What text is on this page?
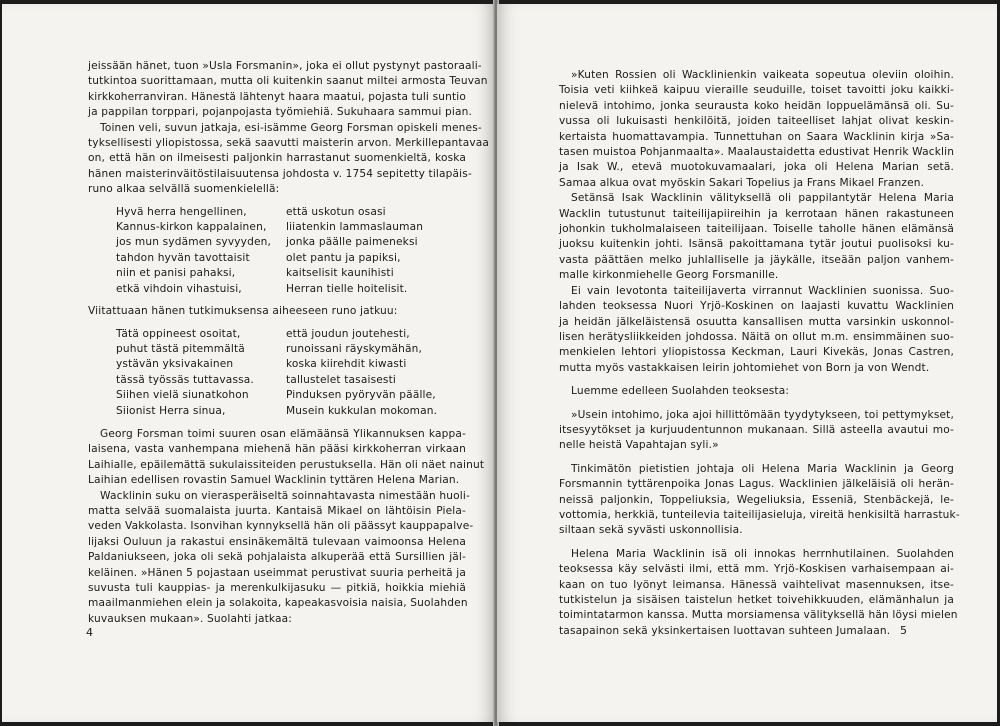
jeissään hänet, tuon »Usla Forsmanin», joka ei ollut pystynyt pastoraali-
tutkintoa suorittamaan, mutta oli kuitenkin saanut miltei armosta Teuvan
kirkkoherranviran. Hänestä lähtenyt haara maatui, pojasta tuli suntio
ja pappilan torppari, pojanpojasta työmiehiä. Sukuhaara sammui pian.

Toinen veli, suvun jatkaja, esi-isämme Georg Forsman opiskeli menes-
tyksellisesti yliopistossa, sekä saavutti maisterin arvon. Merkillepantavaa
on, että hän on ilmeisesti paljonkin harrastanut suomenkieltä, koska
hänen maisterinväitöstilaisuutensa johdosta v. 1754 sepitetty tilapäis-
runo alkaa selvällä suomenkielellä:

Hyvä herra hengellinen,
Kannus-kirkon kappalainen,
jos mun sydämen syvyyden,
tahdon hyvän tavottaisit
niin et panisi pahaksi,
etkä vihdoin vihastuisi,
että uskotun osasi
liiatenkin lammaslauman
jonka päälle paimeneksi
olet pantu ja papiksi,
kaitselisit kaunihisti
Herran tielle hoitelisit.

Viitattuaan hänen tutkimuksensa aiheeseen runo jatkuu:

Tätä oppineest osoitat,
puhut tästä pitemmältä
ystävän yksivakainen
tässä työssäs tuttavassa.
Siihen vielä siunatkohon
Siionist Herra sinua,
että joudun joutehesti,
runoissani räyskymähän,
koska kiirehdit kiwasti
tallustelet tasaisesti
Pinduksen pyöryvän päälle,
Musein kukkulan mokoman.

Georg Forsman toimi suuren osan elämäänsä Ylikannuksen kappa-
laisena, vasta vanhempana miehenä hän pääsi kirkkoherran virkaan
Laihialle, epäilemättä sukulaissiteiden perustuksella. Hän oli näet nainut
Laihian edellisen rovastin Samuel Wacklinin tyttären Helena Marian.

Wacklinin suku on vierasperäiseltä soinnahtavasta nimestään huoli-
matta selvää suomalaista juurta. Kantaisä Mikael on lähtöisin Pielа-
veden Vakkolasta. Isonvihan kynnyksellä hän oli päässyt kauppapalve-
lijaksi Ouluun ja rakastui ensinäkemältä tulevaan vaimoonsa Helena
Paldaniukseen, joka oli sekä pohjalaista alkuperää että Sursillien jäl-
keläinen. »Hänen 5 pojastaan useimmat perustivat suuria perheitä ja
suvusta tuli kauppias- ja merenkulkijasuku — pitkiä, hoikkia miehiä
maailmanmiehen elein ja solakoita, kapeakasvoisia naisia, Suolahden
kuvauksen mukaan». Suolahti jatkaa:

4

»Kuten Rossien oli Wacklinienkin vaikeata sopeutua oleviin oloihin.
Toisia veti kiihkeä kaipuu vieraille seuduille, toiset tavoitti joku kaikki-
nielevä intohimo, jonka seurausta koko heidän loppuelämänsä oli. Su-
vussa oli lukuisasti henkilöitä, joiden taiteelliset lahjat olivat keskin-
kertaista huomattavampia. Tunnettuhan on Saara Wacklinin kirja »Sa-
tasen muistoa Pohjanmaalta». Maalaustaidetta edustivat Henrik Wacklin
ja Isak W., etevä muotokuvamaalari, joka oli Helena Marian setä.
Samaa alkua ovat myöskin Sakari Topelius ja Frans Mikael Franzen.

Setänsä Isak Wacklinin välityksellä oli pappilantytär Helena Maria
Wacklin tutustunut taiteilijapiireihin ja kerrotaan hänen rakastuneen
johonkin tukholmalaiseen taiteilijaan. Toiselle taholle hänen elämänsä
juoksu kuitenkin johti. Isänsä pakoittamana tytär joutui puolisoksi ku-
vasta päättäen melko juhlalliselle ja jäykälle, itseään paljon vanhem-
malle kirkonmiehelle Georg Forsmanille.

Ei vain levotonta taiteilijaverta virrannut Wacklinien suonissa. Suo-
lahden teoksessa Nuori Yrjö-Koskinen on laajasti kuvattu Wacklinien
ja heidän jälkeläistensä osuutta kansallisen mutta varsinkin uskonnol-
lisen herätysliikkeiden johdossa. Näitä on ollut m.m. ensimmäinen suo-
menkielen lehtori yliopistossa Keckman, Lauri Kivekäs, Jonas Castren,
mutta myös vastakkaisen leirin johtomiehet von Born ja von Wendt.

Luemme edelleen Suolahden teoksesta:

»Usein intohimo, joka ajoi hillittömään tyydytykseen, toi pettymykset,
itsesyytökset ja kurjuudentunnon mukanaan. Sillä asteella avautui mo-
nelle heistä Vapahtajan syli.»

Tinkimätön pietistien johtaja oli Helena Maria Wacklinin ja Georg
Forsmannin tyttärenpoika Jonas Lagus. Wacklinien jälkeläisiä oli herän-
neissä paljonkin, Toppeliuksia, Wegeliuksia, Esseniä, Stenbäckejä, le-
vottomia, herkkiä, tunteilevia taiteilijasieluja, vireitä henkisiltä harrastuk-
siltaan sekä syvästi uskonnollisia.

Helena Maria Wacklinin isä oli innokas herrnhutilainen. Suolahden
teoksessa käy selvästi ilmi, että mm. Yrjö-Koskisen varhaisempaan ai-
kaan on tuo lyönyt leimansa. Hänessä vaihtelivat masennuksen, itse-
tutkistelun ja sisäisen taistelun hetket toivehikkuuden, elämänhalun ja
toimintatarmon kanssa. Mutta morsiamensa välityksellä hän löysi mielen
tasapainon sekä yksinkertaisen luottavan suhteen Jumalaan. 5
